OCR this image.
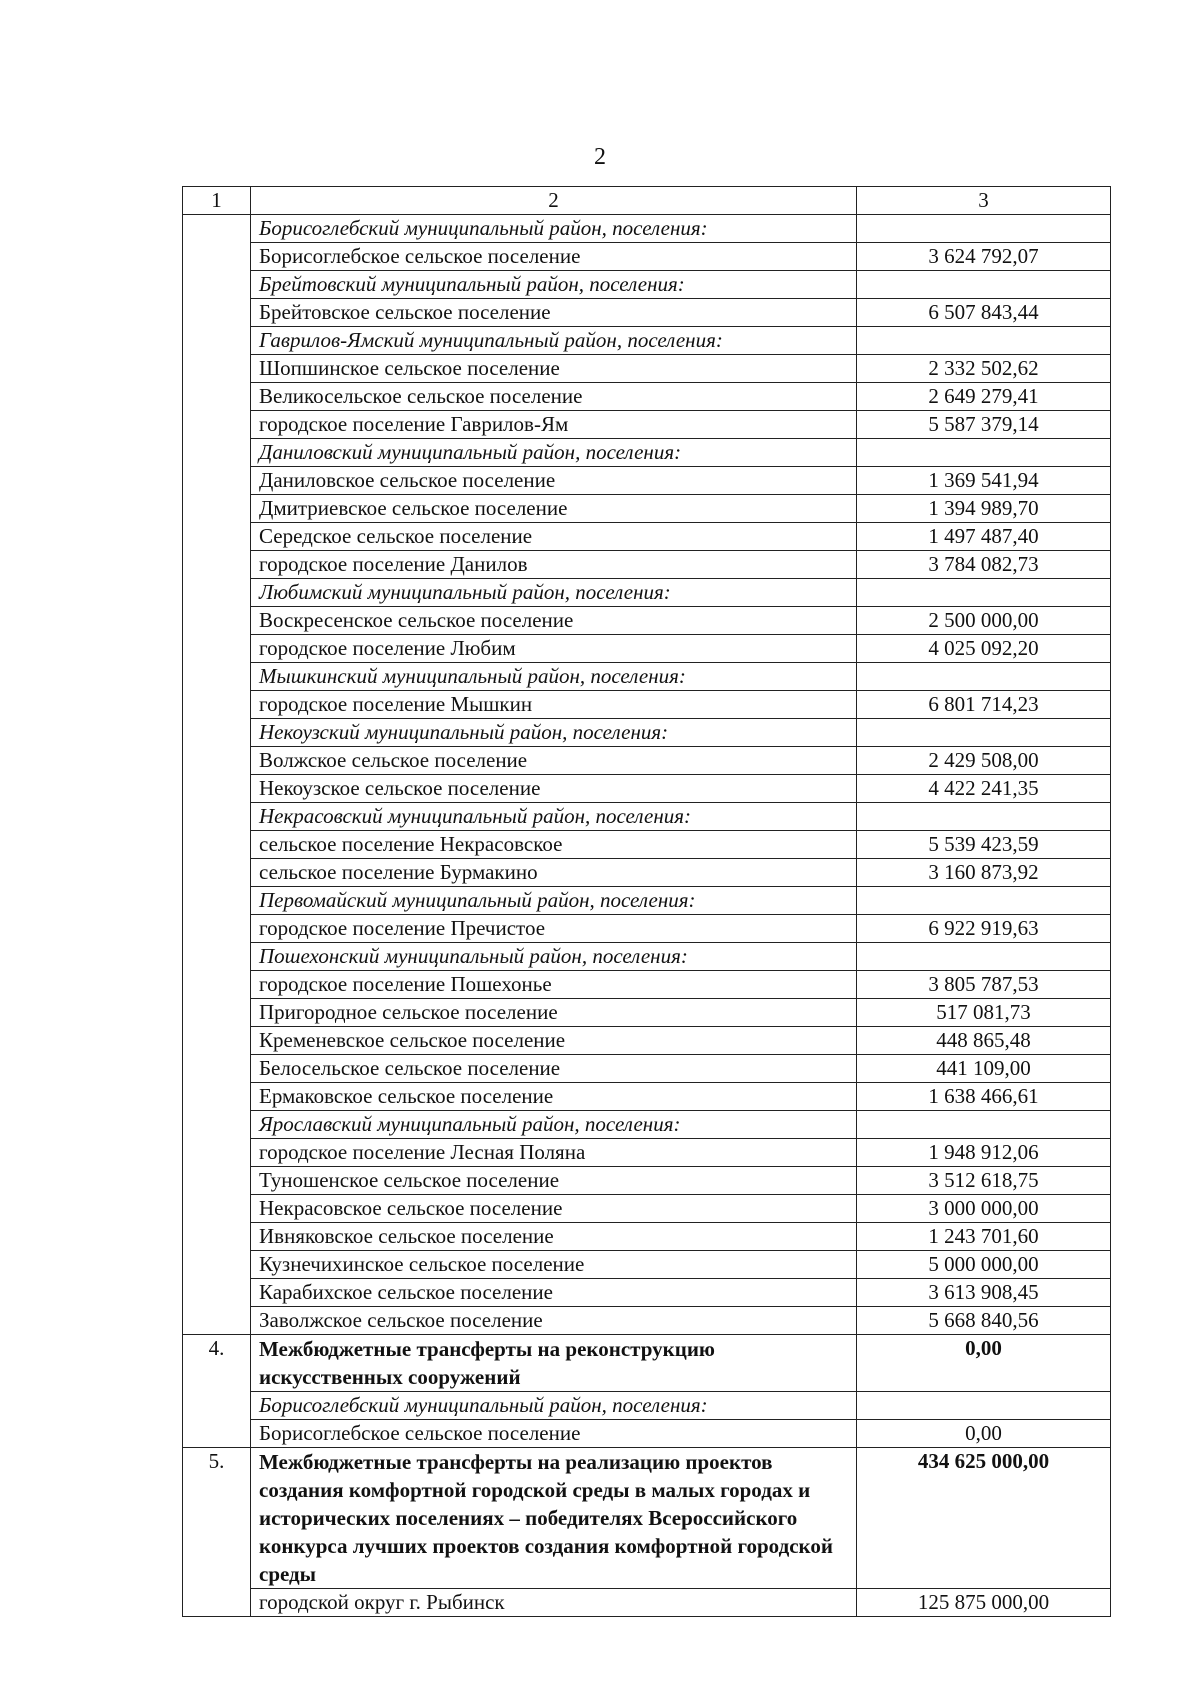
2
1	2	3
	Борисоглебский муниципальный район, поселения:	
	Борисоглебское сельское поселение	3 624 792,07
	Брейтовский муниципальный район, поселения:	
	Брейтовское сельское поселение	6 507 843,44
	Гаврилов-Ямский муниципальный район, поселения:	
	Шопшинское сельское поселение	2 332 502,62
	Великосельское сельское поселение	2 649 279,41
	городское поселение Гаврилов-Ям	5 587 379,14
	Даниловский муниципальный район, поселения:	
	Даниловское сельское поселение	1 369 541,94
	Дмитриевское сельское поселение	1 394 989,70
	Середское сельское поселение	1 497 487,40
	городское поселение Данилов	3 784 082,73
	Любимский муниципальный район, поселения:	
	Воскресенское сельское поселение	2 500 000,00
	городское поселение Любим	4 025 092,20
	Мышкинский муниципальный район, поселения:	
	городское поселение Мышкин	6 801 714,23
	Некоузский муниципальный район, поселения:	
	Волжское сельское поселение	2 429 508,00
	Некоузское сельское поселение	4 422 241,35
	Некрасовский муниципальный район, поселения:	
	сельское поселение Некрасовское	5 539 423,59
	сельское поселение Бурмакино	3 160 873,92
	Первомайский муниципальный район, поселения:	
	городское поселение Пречистое	6 922 919,63
	Пошехонский муниципальный район, поселения:	
	городское поселение Пошехонье	3 805 787,53
	Пригородное сельское поселение	517 081,73
	Кременевское сельское поселение	448 865,48
	Белосельское сельское поселение	441 109,00
	Ермаковское сельское поселение	1 638 466,61
	Ярославский муниципальный район, поселения:	
	городское поселение Лесная Поляна	1 948 912,06
	Туношенское сельское поселение	3 512 618,75
	Некрасовское сельское поселение	3 000 000,00
	Ивняковское сельское поселение	1 243 701,60
	Кузнечихинское сельское поселение	5 000 000,00
	Карабихское сельское поселение	3 613 908,45
	Заволжское сельское поселение	5 668 840,56
4.	Межбюджетные трансферты на реконструкцию искусственных сооружений	0,00
	Борисоглебский муниципальный район, поселения:	
	Борисоглебское сельское поселение	0,00
5.	Межбюджетные трансферты на реализацию проектов создания комфортной городской среды в малых городах и исторических поселениях – победителях Всероссийского конкурса лучших проектов создания комфортной городской среды	434 625 000,00
	городской округ г. Рыбинск	125 875 000,00
